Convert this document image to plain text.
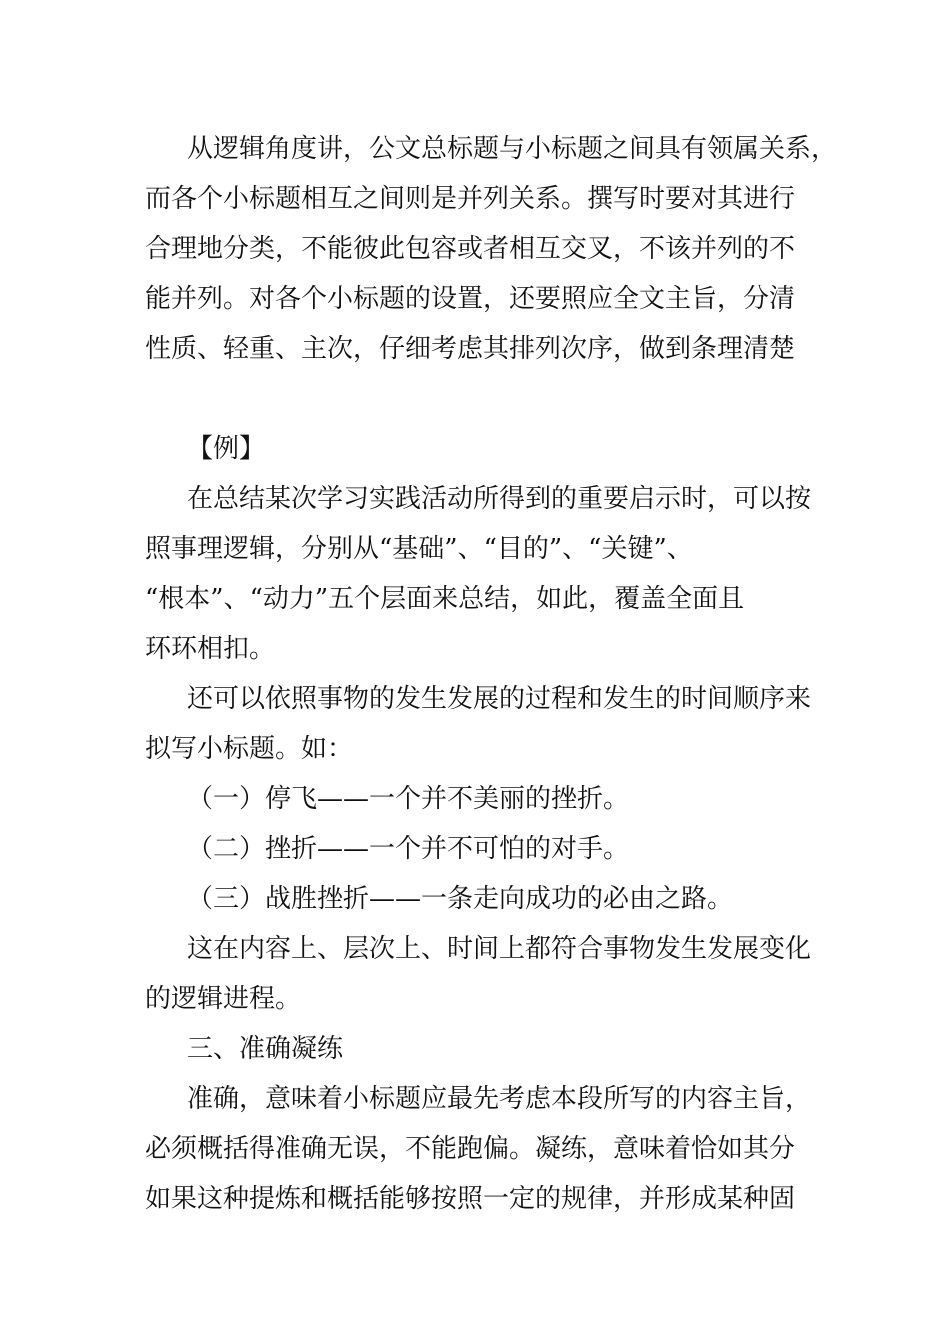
从逻辑角度讲，公文总标题与小标题之间具有领属关系，
而各个小标题相互之间则是并列关系。撰写时要对其进行
合理地分类，不能彼此包容或者相互交叉，不该并列的不
能并列。对各个小标题的设置，还要照应全文主旨，分清
性质、轻重、主次，仔细考虑其排列次序，做到条理清楚
【例】
在总结某次学习实践活动所得到的重要启示时，可以按
照事理逻辑，分别从“基础”、“目的”、“关键”、
“根本”、“动力”五个层面来总结，如此，覆盖全面且
环环相扣。
还可以依照事物的发生发展的过程和发生的时间顺序来
拟写小标题。如：
（一）停飞——一个并不美丽的挫折。
（二）挫折——一个并不可怕的对手。
（三）战胜挫折——一条走向成功的必由之路。
这在内容上、层次上、时间上都符合事物发生发展变化
的逻辑进程。
三、准确凝练
准确，意味着小标题应最先考虑本段所写的内容主旨，
必须概括得准确无误，不能跑偏。凝练，意味着恰如其分
如果这种提炼和概括能够按照一定的规律，并形成某种固
